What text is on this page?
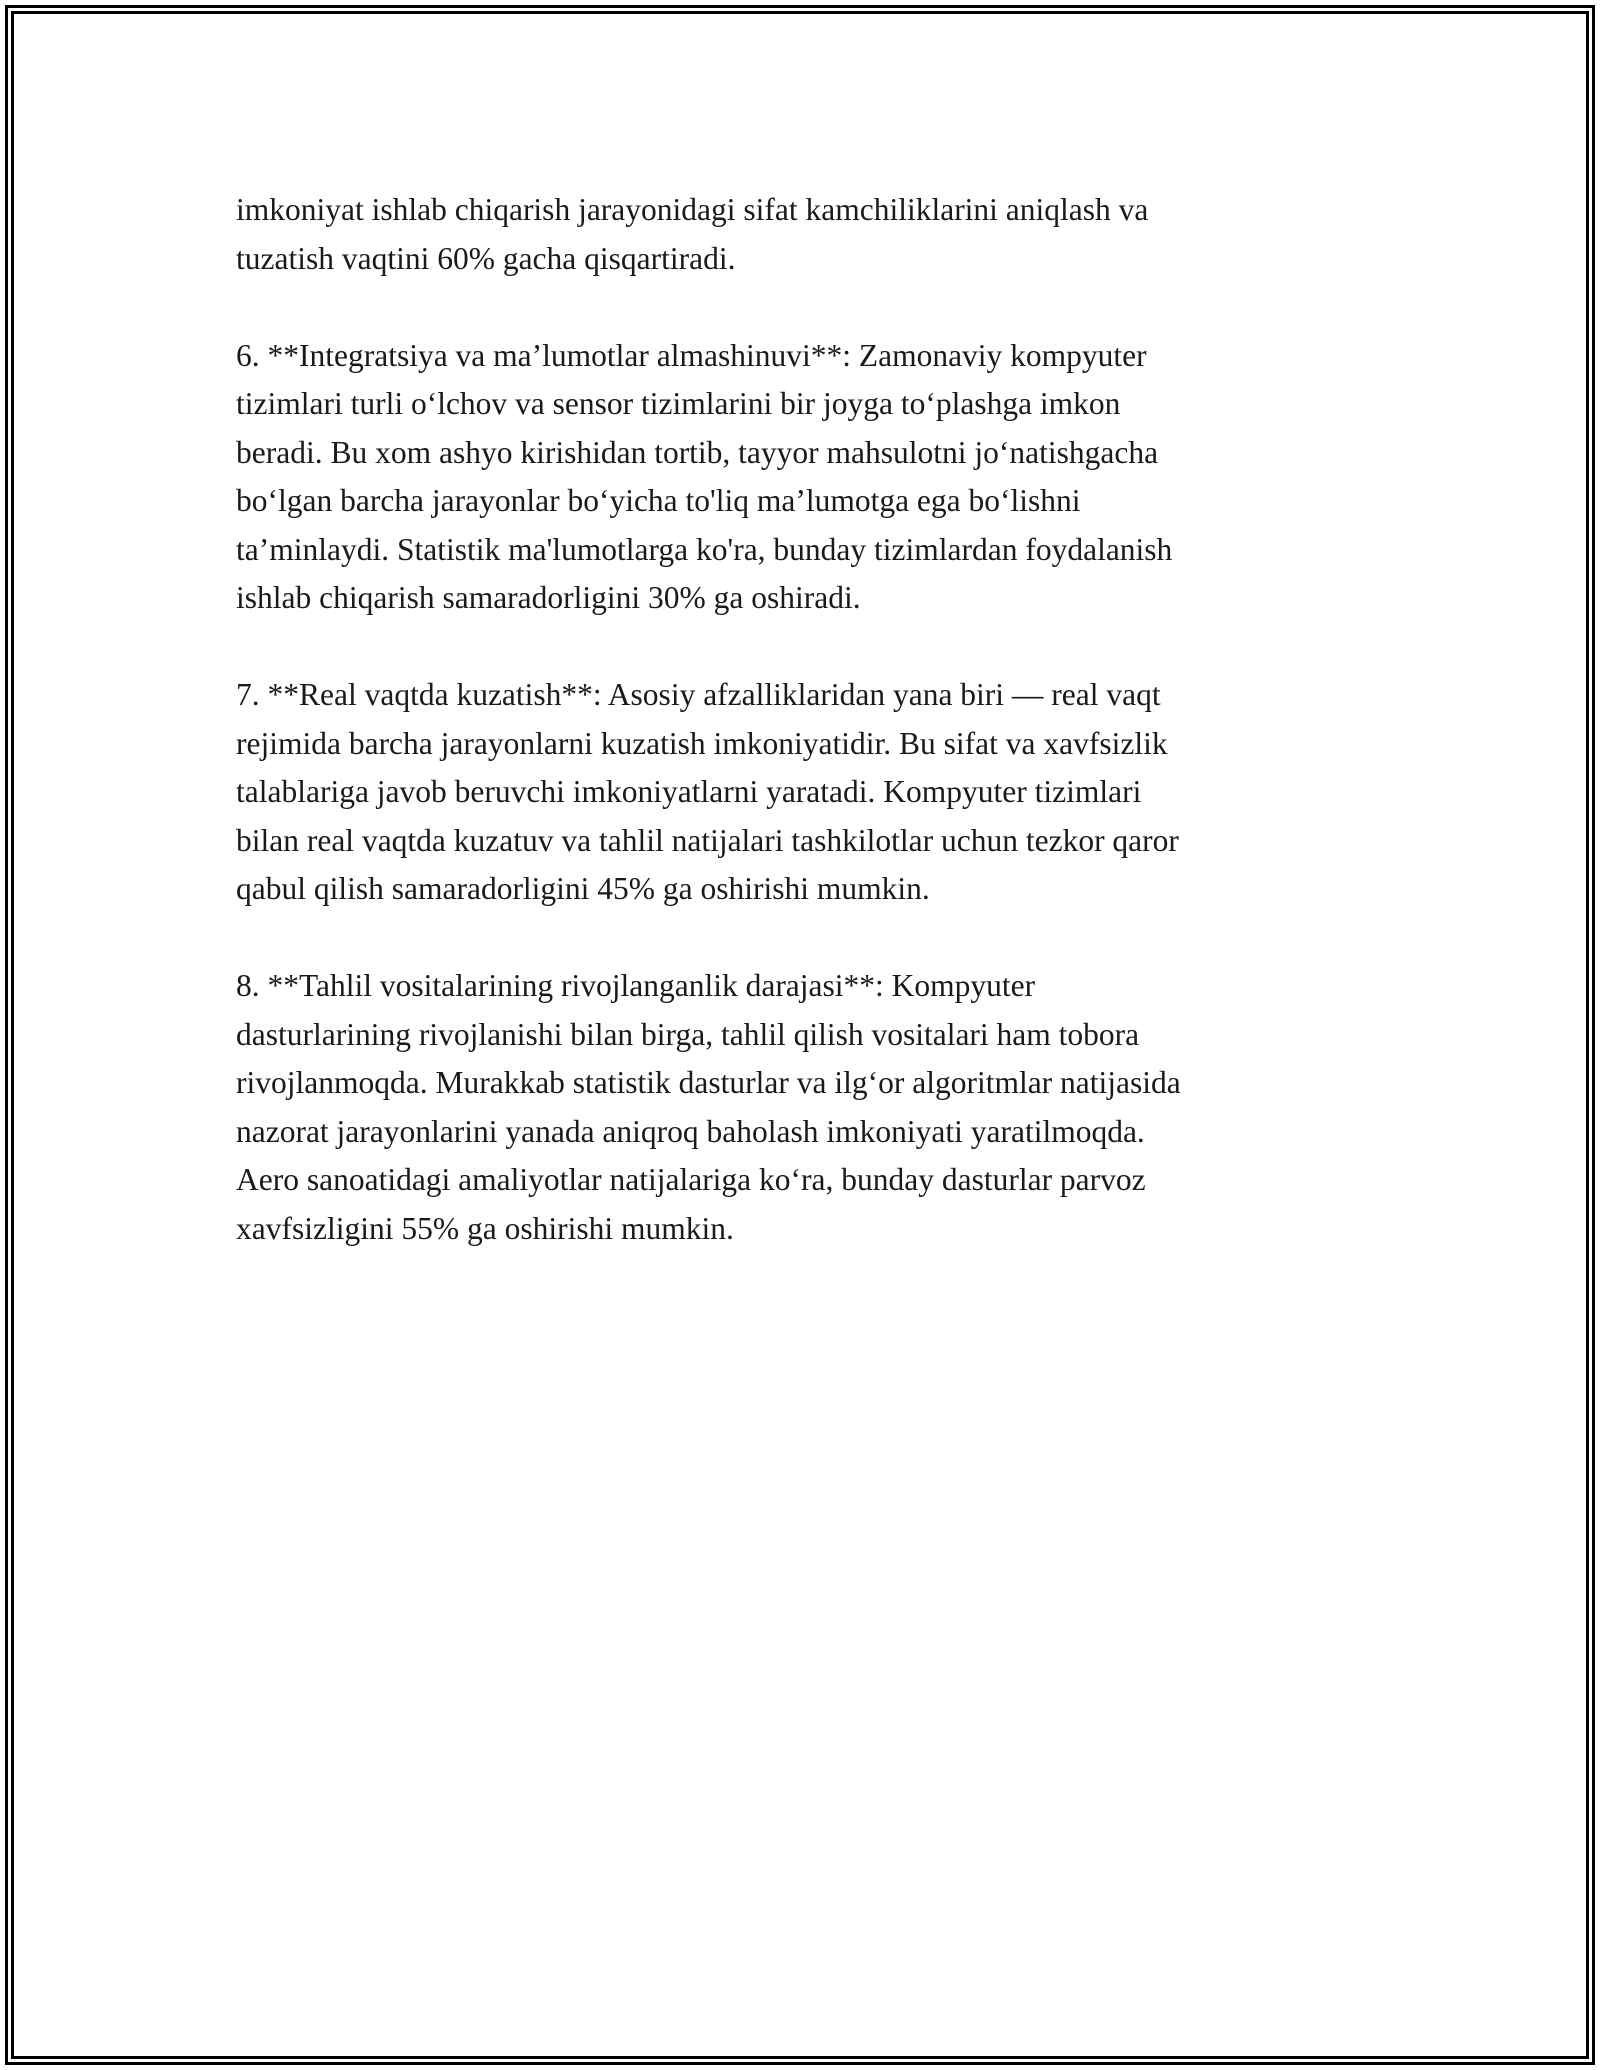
imkoniyat ishlab chiqarish jarayonidagi sifat kamchiliklarini aniqlash va
tuzatish vaqtini 60% gacha qisqartiradi.

6. **Integratsiya va ma’lumotlar almashinuvi**: Zamonaviy kompyuter
tizimlari turli o‘lchov va sensor tizimlarini bir joyga to‘plashga imkon
beradi. Bu xom ashyo kirishidan tortib, tayyor mahsulotni jo‘natishgacha
bo‘lgan barcha jarayonlar bo‘yicha to'liq ma’lumotga ega bo‘lishni
ta’minlaydi. Statistik ma'lumotlarga ko'ra, bunday tizimlardan foydalanish
ishlab chiqarish samaradorligini 30% ga oshiradi.

7. **Real vaqtda kuzatish**: Asosiy afzalliklaridan yana biri — real vaqt
rejimida barcha jarayonlarni kuzatish imkoniyatidir. Bu sifat va xavfsizlik
talablariga javob beruvchi imkoniyatlarni yaratadi. Kompyuter tizimlari
bilan real vaqtda kuzatuv va tahlil natijalari tashkilotlar uchun tezkor qaror
qabul qilish samaradorligini 45% ga oshirishi mumkin.

8. **Tahlil vositalarining rivojlanganlik darajasi**: Kompyuter
dasturlarining rivojlanishi bilan birga, tahlil qilish vositalari ham tobora
rivojlanmoqda. Murakkab statistik dasturlar va ilg‘or algoritmlar natijasida
nazorat jarayonlarini yanada aniqroq baholash imkoniyati yaratilmoqda.
Aero sanoatidagi amaliyotlar natijalariga ko‘ra, bunday dasturlar parvoz
xavfsizligini 55% ga oshirishi mumkin.
